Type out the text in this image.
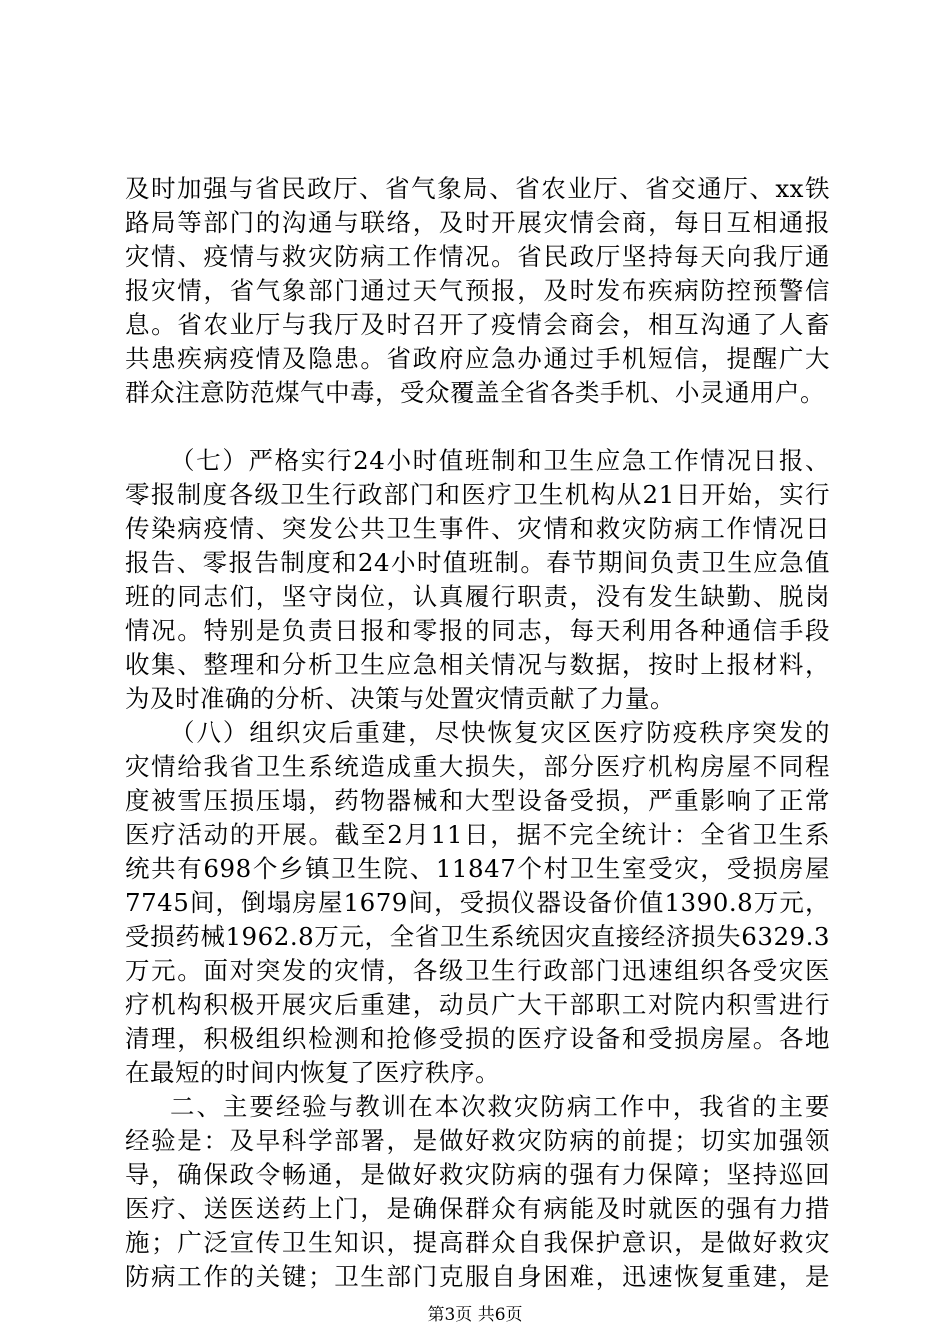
及时加强与省民政厅、省气象局、省农业厅、省交通厅、xx铁
路局等部门的沟通与联络，及时开展灾情会商，每日互相通报
灾情、疫情与救灾防病工作情况。省民政厅坚持每天向我厅通
报灾情，省气象部门通过天气预报，及时发布疾病防控预警信
息。省农业厅与我厅及时召开了疫情会商会，相互沟通了人畜
共患疾病疫情及隐患。省政府应急办通过手机短信，提醒广大
群众注意防范煤气中毒，受众覆盖全省各类手机、小灵通用户。
（七）严格实行24小时值班制和卫生应急工作情况日报、
零报制度各级卫生行政部门和医疗卫生机构从21日开始，实行
传染病疫情、突发公共卫生事件、灾情和救灾防病工作情况日
报告、零报告制度和24小时值班制。春节期间负责卫生应急值
班的同志们，坚守岗位，认真履行职责，没有发生缺勤、脱岗
情况。特别是负责日报和零报的同志，每天利用各种通信手段
收集、整理和分析卫生应急相关情况与数据，按时上报材料，
为及时准确的分析、决策与处置灾情贡献了力量。
（八）组织灾后重建，尽快恢复灾区医疗防疫秩序突发的
灾情给我省卫生系统造成重大损失，部分医疗机构房屋不同程
度被雪压损压塌，药物器械和大型设备受损，严重影响了正常
医疗活动的开展。截至2月11日，据不完全统计：全省卫生系
统共有698个乡镇卫生院、11847个村卫生室受灾，受损房屋
7745间，倒塌房屋1679间，受损仪器设备价值1390.8万元，
受损药械1962.8万元，全省卫生系统因灾直接经济损失6329.3
万元。面对突发的灾情，各级卫生行政部门迅速组织各受灾医
疗机构积极开展灾后重建，动员广大干部职工对院内积雪进行
清理，积极组织检测和抢修受损的医疗设备和受损房屋。各地
在最短的时间内恢复了医疗秩序。
二、主要经验与教训在本次救灾防病工作中，我省的主要
经验是：及早科学部署，是做好救灾防病的前提；切实加强领
导，确保政令畅通，是做好救灾防病的强有力保障；坚持巡回
医疗、送医送药上门，是确保群众有病能及时就医的强有力措
施；广泛宣传卫生知识，提高群众自我保护意识，是做好救灾
防病工作的关键；卫生部门克服自身困难，迅速恢复重建，是
第3页 共6页
